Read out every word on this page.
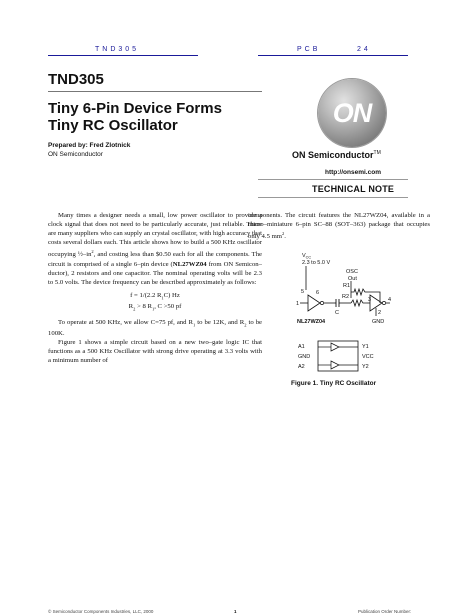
TND305	PCB	24
TND305
Tiny 6-Pin Device Forms
Tiny RC Oscillator
Prepared by: Fred Zlotnick
ON Semiconductor
ON
ON Semiconductor™
http://onsemi.com
TECHNICAL NOTE

Many times a designer needs a small, low power oscillator to provide a clock signal that does not need to be particularly accurate, just reliable. There are many suppliers who can supply an crystal oscillator, with high accuracy that costs several dollars each. This article shows how to build a 500 KHz oscillator occupying $\frac{1}{2}-in^2$, and costing less than $0.50 each for all the components. The circuit is comprised of a single 6–pin device (NL27WZ04 from ON Semicon–ductor), 2 resistors and one capacitor. The nominal operating volts will be 2.3 to 5.0 volts. The device frequency can be described approximately as follows:

f = 1/(2.2 $R_1C$) Hz
$R_2 > 8$ $R_1$, C >50 pf

To operate at 500 KHz, we allow C=75 pf, and $R_1$ to be 12K, and $R_2$ to be 100K.

Figure 1 shows a simple circuit based on a new two–gate logic IC that functions as a 500 KHz Oscillator with strong drive operating at 3.3 volts with a minimum number of

components. The circuit features the NL27WZ04, available in a micro–miniature 6–pin SC–88 (SOT–363) package that occupies only 4.5 $mm^2$.

$V_{CC}$
2.3 to 5.0 V
OSC
Out
5
1
6
C
R2
R1
3	4
2
GND
NL27WZ04
A1
GND
A2
Y1
VCC
Y2
Figure 1. Tiny RC Oscillator
© Semiconductor Components Industries, LLC, 2000	1	Publication Order Number:
